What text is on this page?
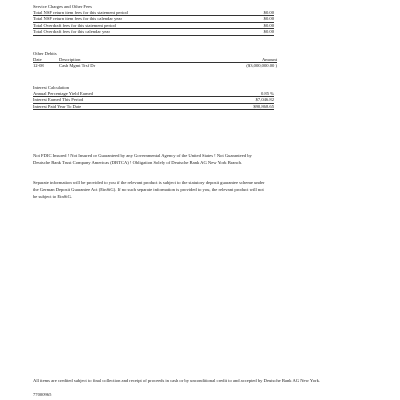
Service Charges and Other Fees
Total NSF return item fees for this statement period	$0.00
Total NSF return item fees for this calendar year	$0.00
Total Overdraft fees for this statement period	$0.00
Total Overdraft fees for this calendar year	$0.00
Other Debits
Date	Description	Amount
12-08	Cash Mgmt Trsf Dr	($3,000,000.00 )
Interest Calculation
Annual Percentage Yield Earned	0.85 %
Interest Earned This Period	$7,046.82
Interest Paid Year To Date	$90,868.65

Not FDIC Insured ! Not Insured or Guaranteed by any Governmental Agency of the United States ! Not Guaranteed by Deutsche Bank Trust Company Americas (DBTCA) ! Obligation Solely of Deutsche Bank AG New York Branch.

Separate information will be provided to you if the relevant product is subject to the statutory deposit guarantee scheme under the German Deposit Guarantee Act (EinSiG). If no such separate information is provided to you, the relevant product will not be subject to EinSiG.

All items are credited subject to final collection and receipt of proceeds in cash or by unconditional credit to and accepted by Deutsche Bank AG New York.
77000965
